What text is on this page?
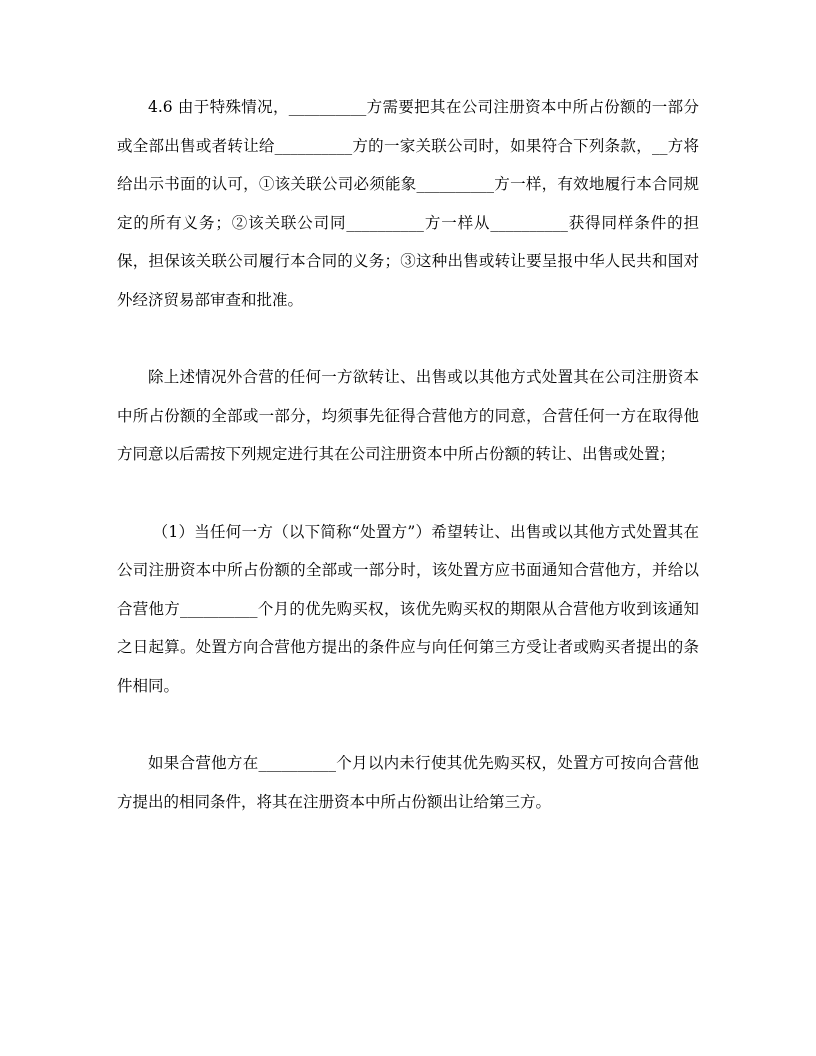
4.6 由于特殊情况，__________方需要把其在公司注册资本中所占份额的一部分或全部出售或者转让给__________方的一家关联公司时，如果符合下列条款，__方将给出示书面的认可，①该关联公司必须能象__________方一样，有效地履行本合同规定的所有义务；②该关联公司同__________方一样从__________获得同样条件的担保，担保该关联公司履行本合同的义务；③这种出售或转让要呈报中华人民共和国对外经济贸易部审查和批准。

除上述情况外合营的任何一方欲转让、出售或以其他方式处置其在公司注册资本中所占份额的全部或一部分，均须事先征得合营他方的同意，合营任何一方在取得他方同意以后需按下列规定进行其在公司注册资本中所占份额的转让、出售或处置；

（1）当任何一方（以下简称“处置方”）希望转让、出售或以其他方式处置其在公司注册资本中所占份额的全部或一部分时，该处置方应书面通知合营他方，并给以合营他方__________个月的优先购买权，该优先购买权的期限从合营他方收到该通知之日起算。处置方向合营他方提出的条件应与向任何第三方受让者或购买者提出的条件相同。

如果合营他方在__________个月以内未行使其优先购买权，处置方可按向合营他方提出的相同条件，将其在注册资本中所占份额出让给第三方。
